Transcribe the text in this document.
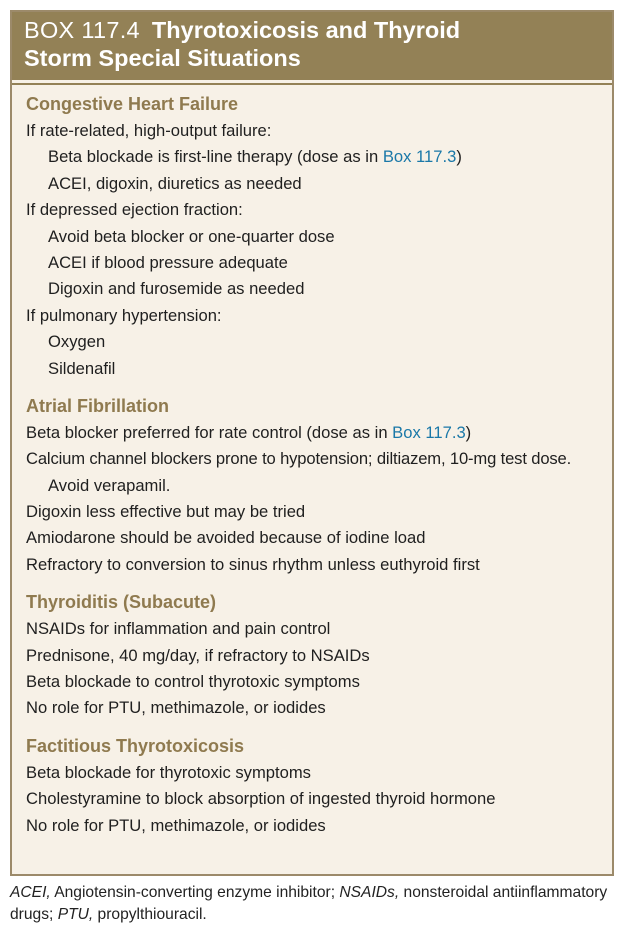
BOX 117.4 Thyrotoxicosis and Thyroid
Storm Special Situations
Congestive Heart Failure
If rate-related, high-output failure:
Beta blockade is first-line therapy (dose as in Box 117.3)
ACEI, digoxin, diuretics as needed
If depressed ejection fraction:
Avoid beta blocker or one-quarter dose
ACEI if blood pressure adequate
Digoxin and furosemide as needed
If pulmonary hypertension:
Oxygen
Sildenafil
Atrial Fibrillation
Beta blocker preferred for rate control (dose as in Box 117.3)
Calcium channel blockers prone to hypotension; diltiazem, 10-mg test dose.
Avoid verapamil.
Digoxin less effective but may be tried
Amiodarone should be avoided because of iodine load
Refractory to conversion to sinus rhythm unless euthyroid first
Thyroiditis (Subacute)
NSAIDs for inflammation and pain control
Prednisone, 40 mg/day, if refractory to NSAIDs
Beta blockade to control thyrotoxic symptoms
No role for PTU, methimazole, or iodides
Factitious Thyrotoxicosis
Beta blockade for thyrotoxic symptoms
Cholestyramine to block absorption of ingested thyroid hormone
No role for PTU, methimazole, or iodides
ACEI, Angiotensin-converting enzyme inhibitor; NSAIDs, nonsteroidal antiinflammatory drugs; PTU, propylthiouracil.
